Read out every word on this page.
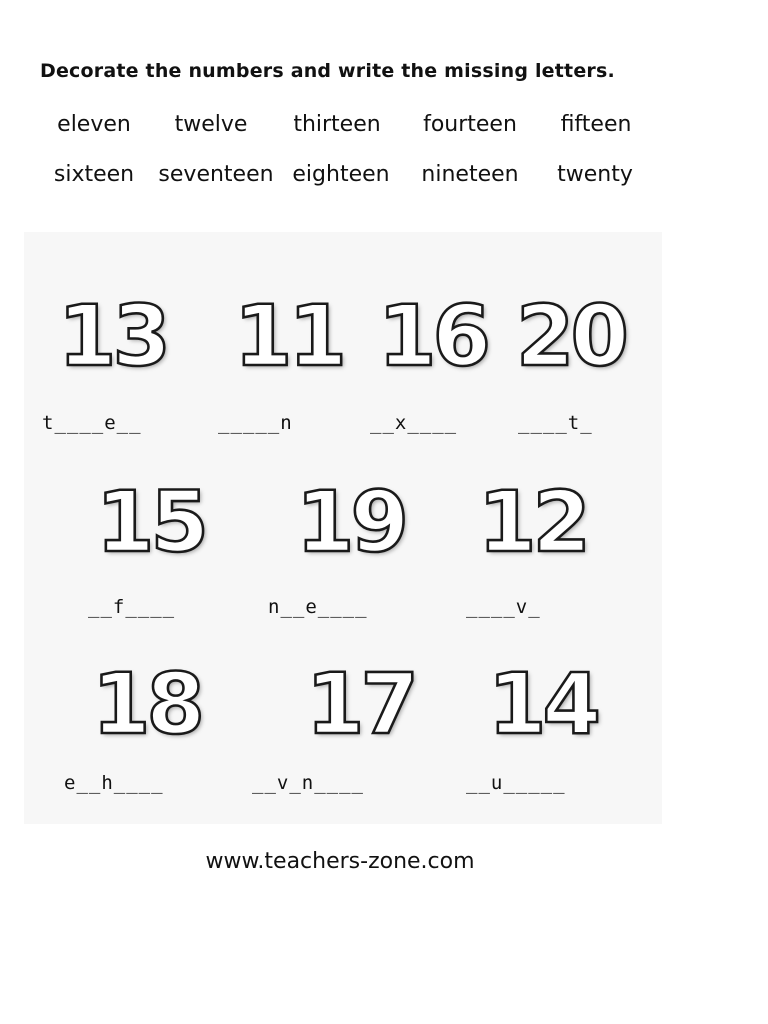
Decorate the numbers and write the missing letters.
eleven twelve thirteen fourteen fifteen
sixteen seventeen eighteen nineteen twenty
13 11 16 20
t____e__	_____n	__x____	____t_
15 19 12
__f____	n__e____	____v_
18 17 14
e__h____	__v_n____	__u_____
www.teachers-zone.com
